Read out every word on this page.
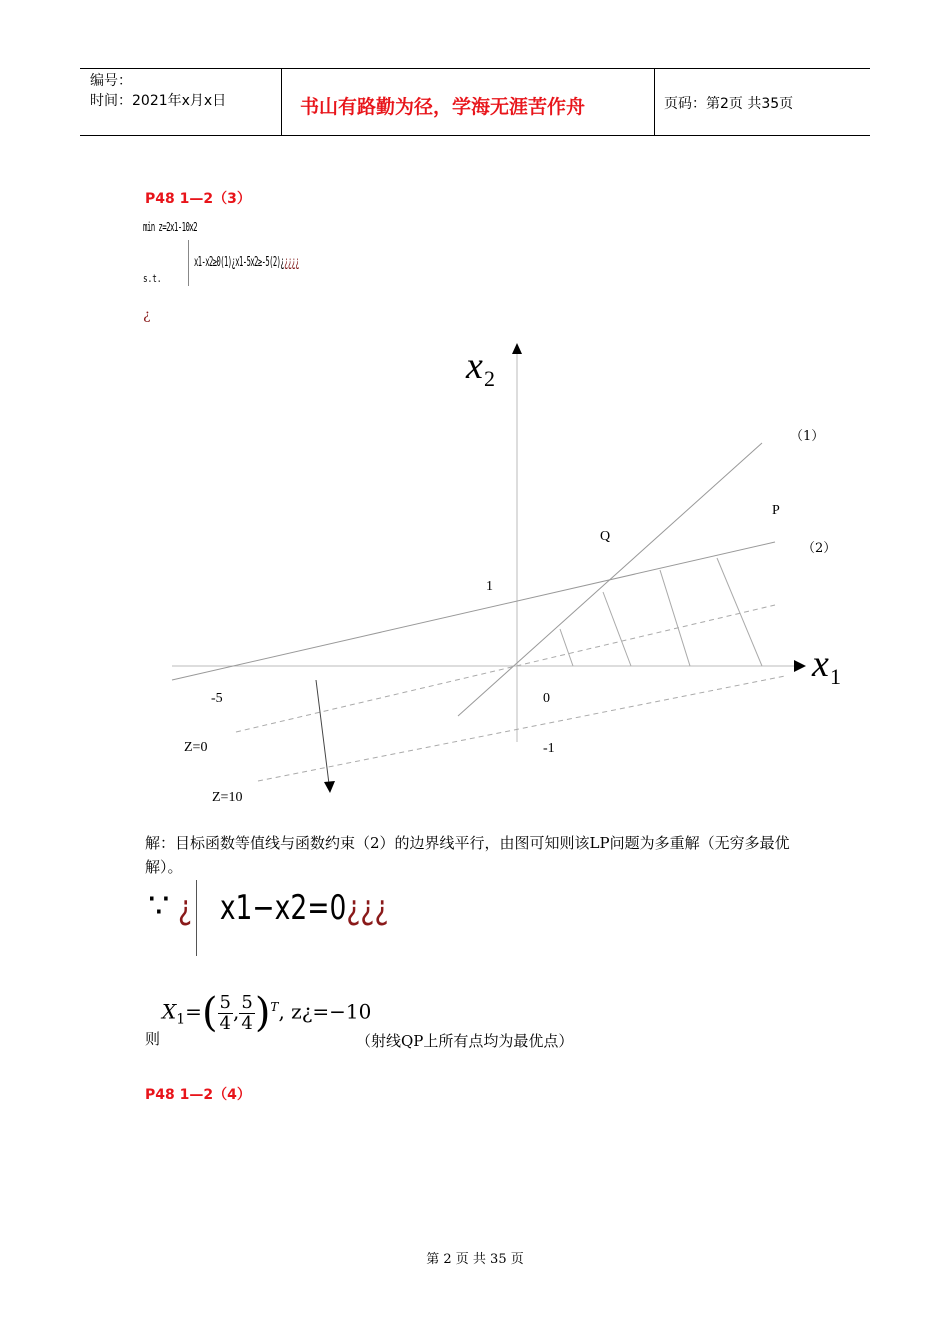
编号：
时间：2021年x月x日	书山有路勤为径，学海无涯苦作舟	页码：第2页 共35页
P48 1—2（3）
min z=2x1-10x2
x1-x2≥0(1)¿x1-5x2≥-5(2)¿¿¿¿¿
s.t.
¿
x 2
x 1
（1）
（2）
P
Q
1
-5	0
-1
Z=0
Z=10
解：目标函数等值线与函数约束（2）的边界线平行，由图可知则该LP问题为多重解（无穷多最优解）。
∵ ¿ x1−x2=0¿¿¿
则
$X_1=( \frac{5}{4}$ , $\frac{5}{4} )^T$, z¿=−10
（射线QP上所有点均为最优点）
P48 1—2（4）
第 2 页 共 35 页
